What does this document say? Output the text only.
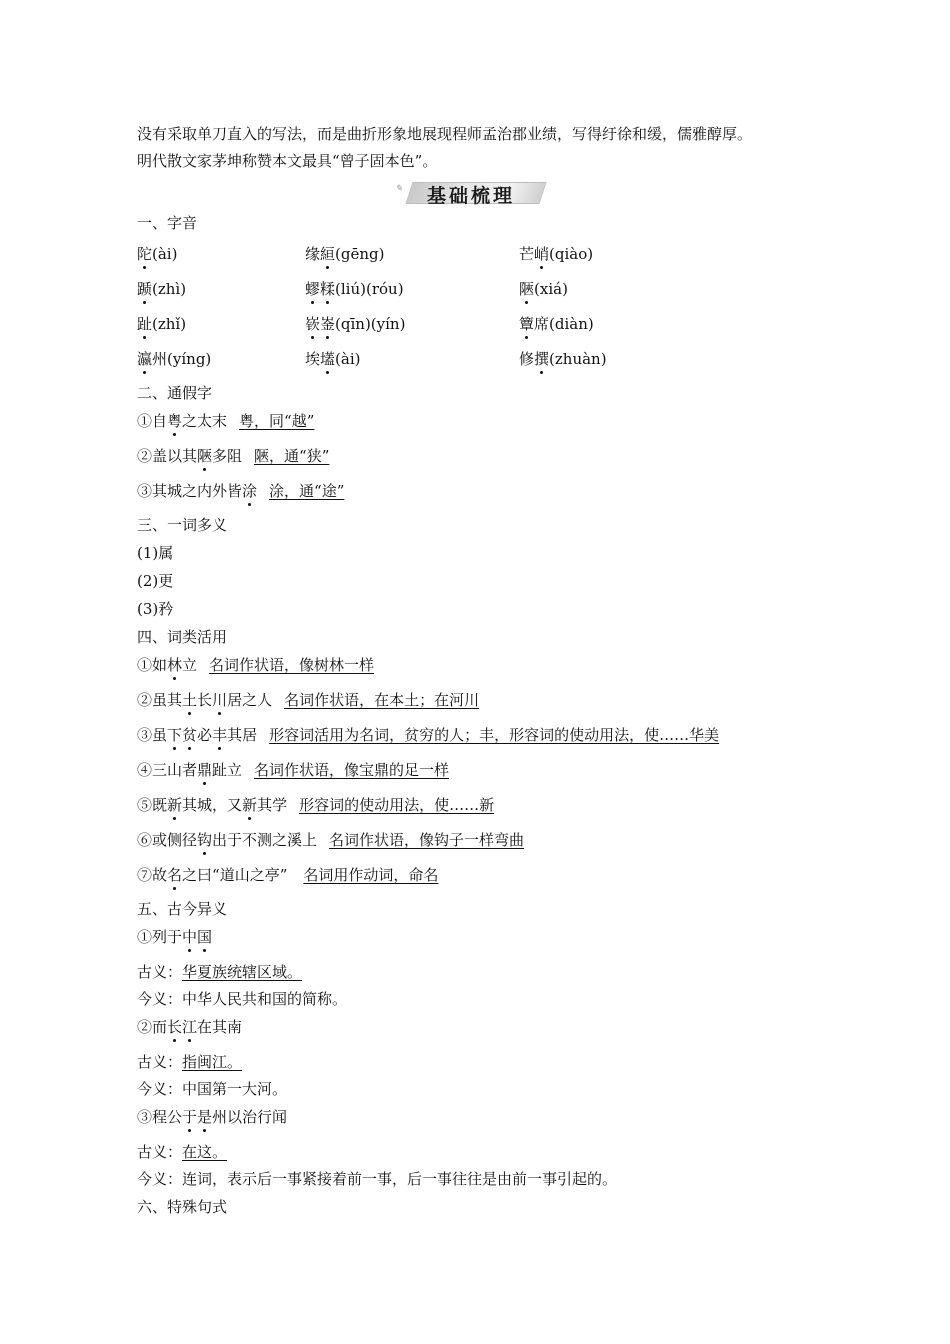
没有采取单刀直入的写法，而是曲折形象地展现程师孟治郡业绩，写得纡徐和缓，儒雅醇厚。
明代散文家茅坤称赞本文最具“曾子固本色”。
✎	基础梳理
一、字音
陀(ài)	缘絙(gēng)	芒峭(qiào)
踬(zhì)	蟉糅(liú)(róu)	陿(xiá)
趾(zhǐ)	嵚崟(qīn)(yín)	簟席(diàn)
瀛州(yíng)	埃壒(ài)	修撰(zhuàn)
二、通假字
①自粤之太末 粤，同“越”
②盖以其陿多阻 陿，通“狭”
③其城之内外皆涂 涂，通“途”
三、一词多义
(1)属
(2)更
(3)矜
四、词类活用
①如林立 名词作状语，像树林一样
②虽其土长川居之人 名词作状语，在本土；在河川
③虽下贫必丰其居 形容词活用为名词，贫穷的人；丰，形容词的使动用法，使……华美
④三山者鼎趾立 名词作状语，像宝鼎的足一样
⑤既新其城，又新其学 形容词的使动用法，使……新
⑥或侧径钩出于不测之溪上 名词作状语，像钩子一样弯曲
⑦故名之曰“道山之亭” 名词用作动词，命名
五、古今异义
①列于中国
古义：华夏族统辖区域。
今义：中华人民共和国的简称。
②而长江在其南
古义：指闽江。
今义：中国第一大河。
③程公于是州以治行闻
古义：在这。
今义：连词，表示后一事紧接着前一事，后一事往往是由前一事引起的。
六、特殊句式
